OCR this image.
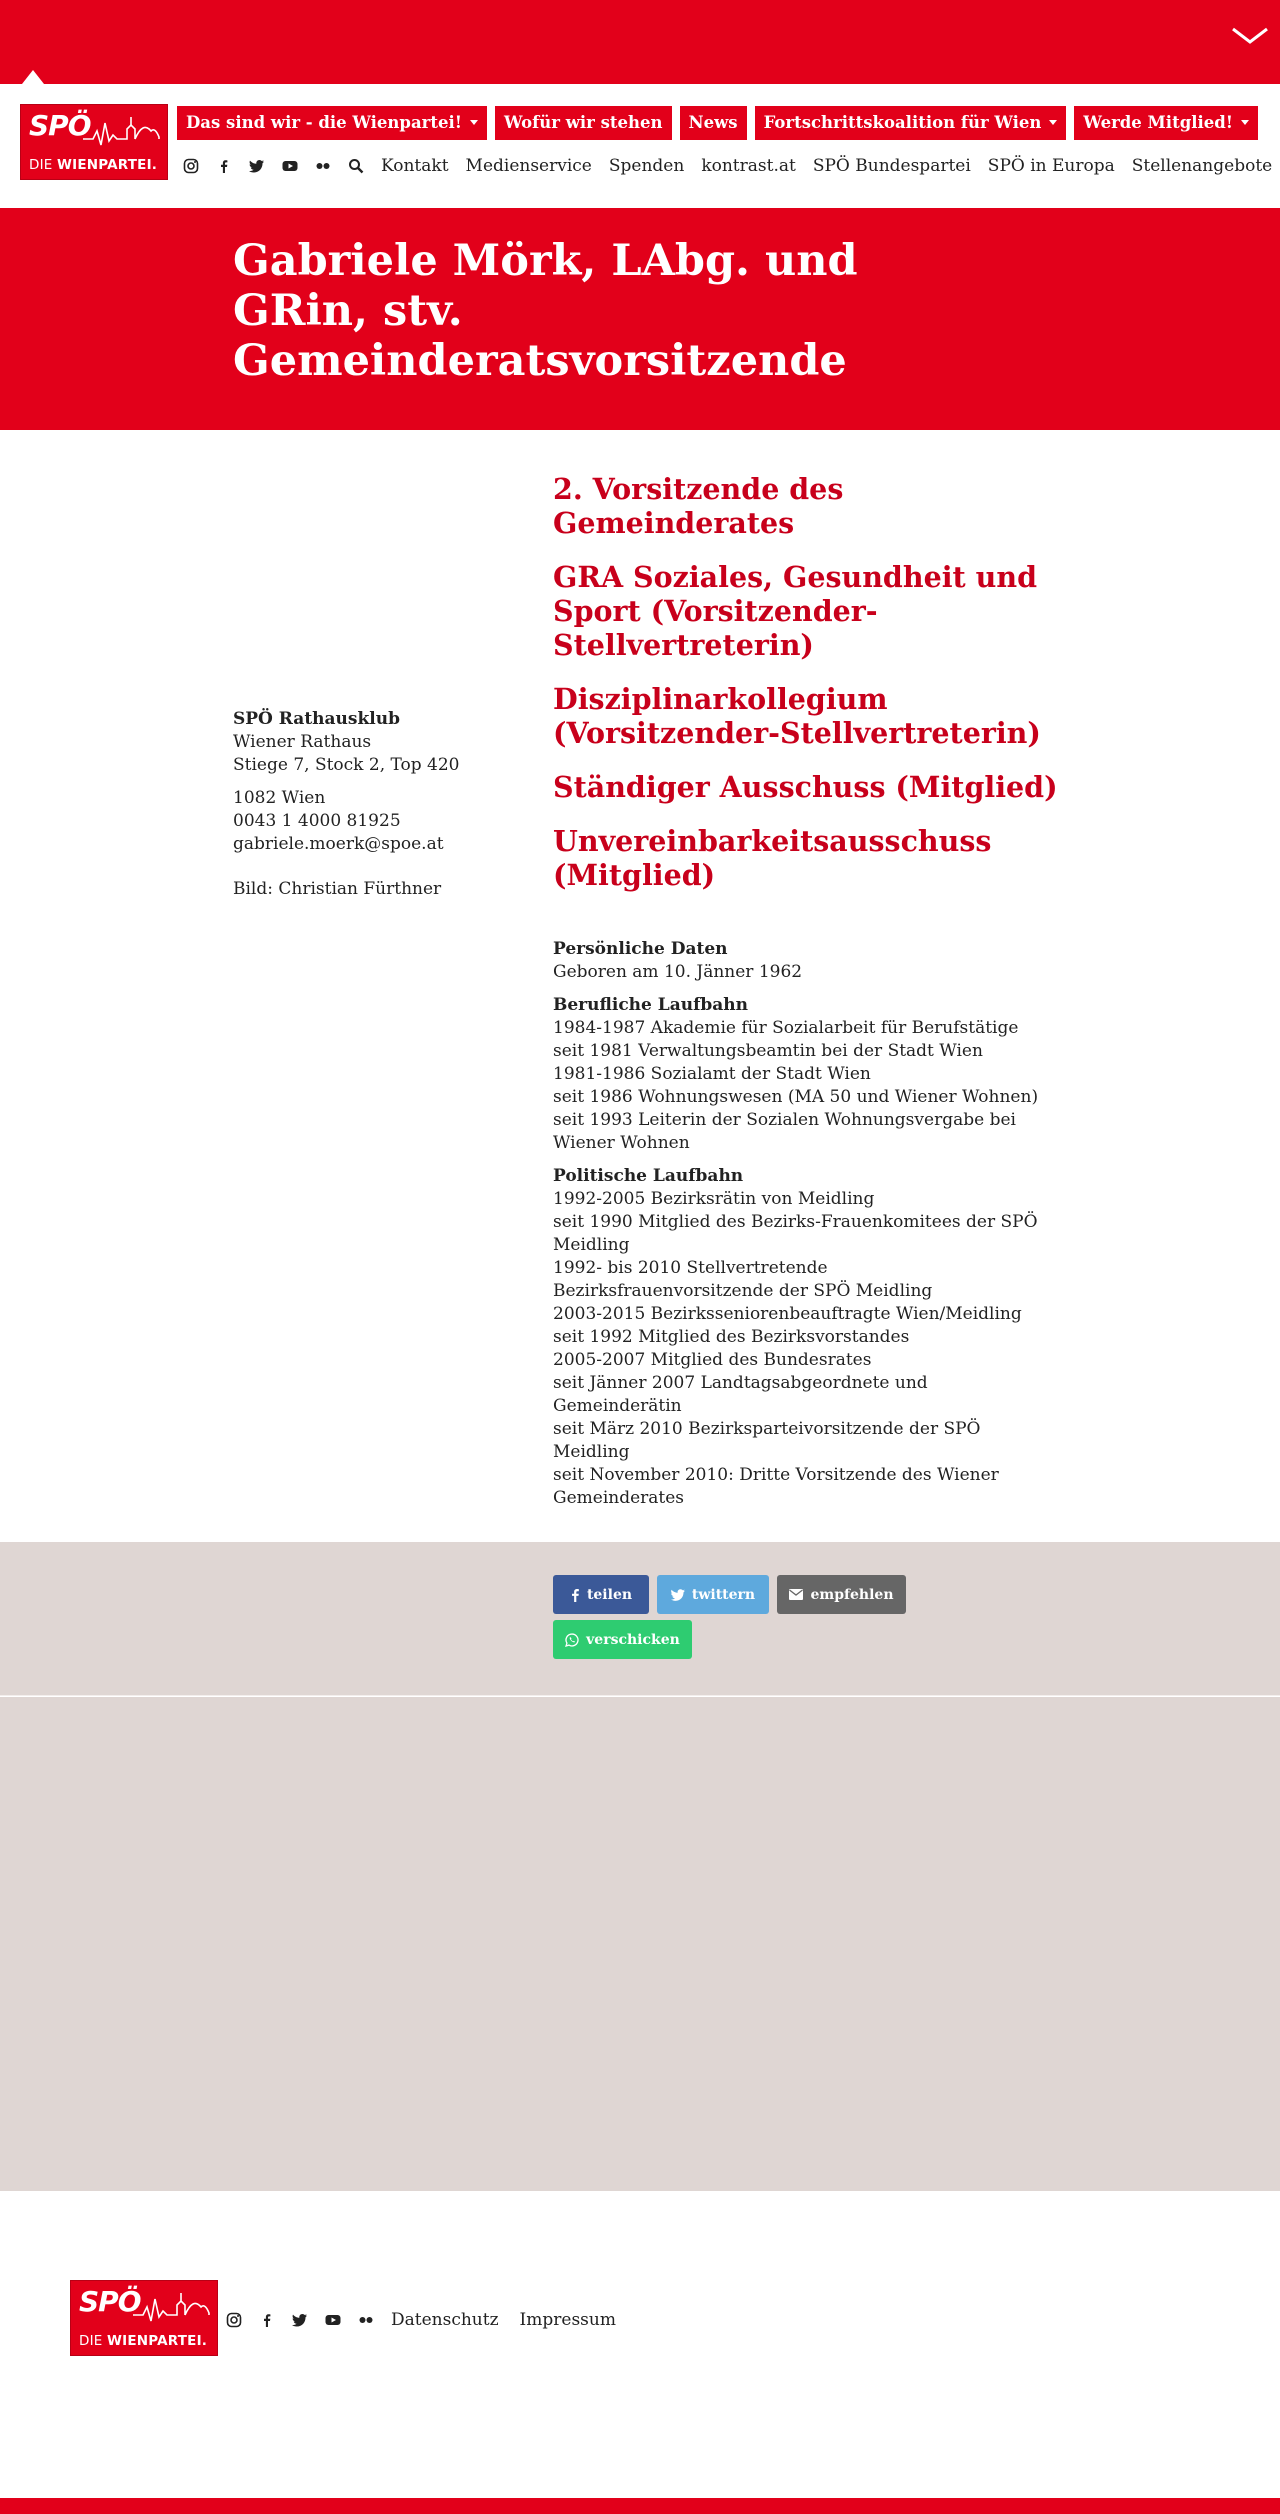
SPÖ
DIE WIENPARTEI.
Das sind wir - die Wienpartei!	Wofür wir stehen	News	Fortschrittskoalition für Wien	Werde Mitglied!
Kontakt Medienservice Spenden kontrast.at SPÖ Bundespartei SPÖ in Europa Stellenangebote
Gabriele Mörk, LAbg. und GRin, stv. Gemeinderatsvorsitzende
SPÖ Rathausklub
Wiener Rathaus
Stiege 7, Stock 2, Top 420
1082 Wien
0043 1 4000 81925
gabriele.moerk@spoe.at
Bild: Christian Fürthner
2. Vorsitzende des Gemeinderates
GRA Soziales, Gesundheit und Sport (Vorsitzender-Stellvertreterin)
Disziplinarkollegium (Vorsitzender-Stellvertreterin)
Ständiger Ausschuss (Mitglied)
Unvereinbarkeitsausschuss (Mitglied)
Persönliche Daten
Geboren am 10. Jänner 1962
Berufliche Laufbahn
1984-1987 Akademie für Sozialarbeit für Berufstätige
seit 1981 Verwaltungsbeamtin bei der Stadt Wien
1981-1986 Sozialamt der Stadt Wien
seit 1986 Wohnungswesen (MA 50 und Wiener Wohnen)
seit 1993 Leiterin der Sozialen Wohnungsvergabe bei Wiener Wohnen
Politische Laufbahn
1992-2005 Bezirksrätin von Meidling
seit 1990 Mitglied des Bezirks-Frauenkomitees der SPÖ Meidling
1992- bis 2010 Stellvertretende Bezirksfrauenvorsitzende der SPÖ Meidling
2003-2015 Bezirksseniorenbeauftragte Wien/Meidling
seit 1992 Mitglied des Bezirksvorstandes
2005-2007 Mitglied des Bundesrates
seit Jänner 2007 Landtagsabgeordnete und Gemeinderätin
seit März 2010 Bezirksparteivorsitzende der SPÖ Meidling
seit November 2010: Dritte Vorsitzende des Wiener Gemeinderates
teilen	twittern	empfehlen
verschicken
SPÖ
DIE WIENPARTEI.
Datenschutz Impressum
